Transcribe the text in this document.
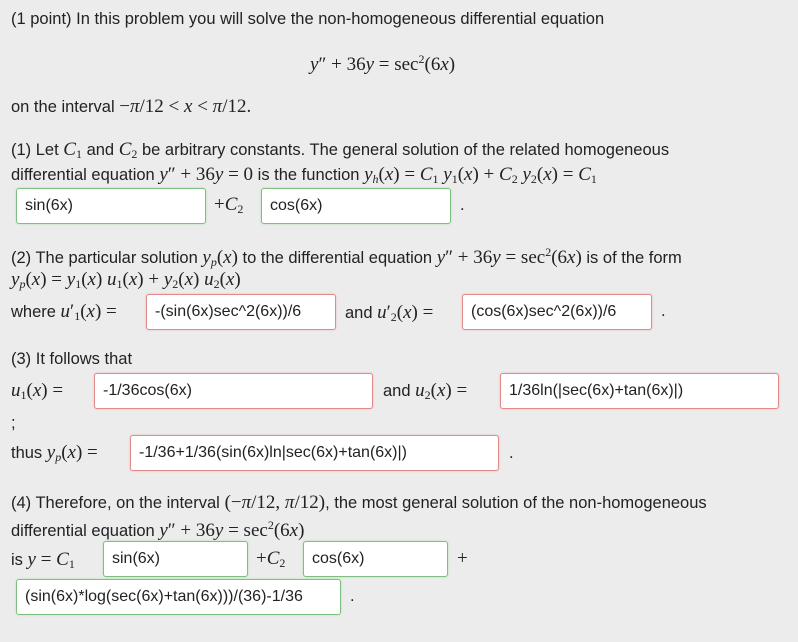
(1 point) In this problem you will solve the non-homogeneous differential equation
$y'' + 36y = \sec^2(6x)$
on the interval −π/12 < x < π/12.
(1) Let $C_1$ and $C_2$ be arbitrary constants. The general solution of the related homogeneous
differential equation y″ + 36y = 0 is the function $y_h(x) = C_1$ $y_1(x) + C_2$ $y_2(x) = C_1$
sin(6x)	$+C_2$	cos(6x)	.
(2) The particular solution $y_p(x)$ to the differential equation $y'' + 36y = \sec^2(6x)$ is of the form
$y_p(x) = y_1(x) u_1(x) + y_2(x)$ $u_2(x)$
where $u'_1(x)$ =	-(sin(6x)sec^2(6x))/6	and $u'_2(x)$ =	(cos(6x)sec^2(6x))/6	.
(3) It follows that
$u_1(x)$ =	-1/36cos(6x)	and $u_2(x)$ =	1/36ln(|sec(6x)+tan(6x)|)
;
thus $y_p(x)$ =	-1/36+1/36(sin(6x)ln|sec(6x)+tan(6x)|)	.
(4) Therefore, on the interval (−π/12, π/12), the most general solution of the non-homogeneous
differential equation $y'' + 36y = \sec^2(6x)$
is $y = C_1$	sin(6x)	$+C_2$	cos(6x)	+
(sin(6x)*log(sec(6x)+tan(6x)))/(36)-1/36	.
